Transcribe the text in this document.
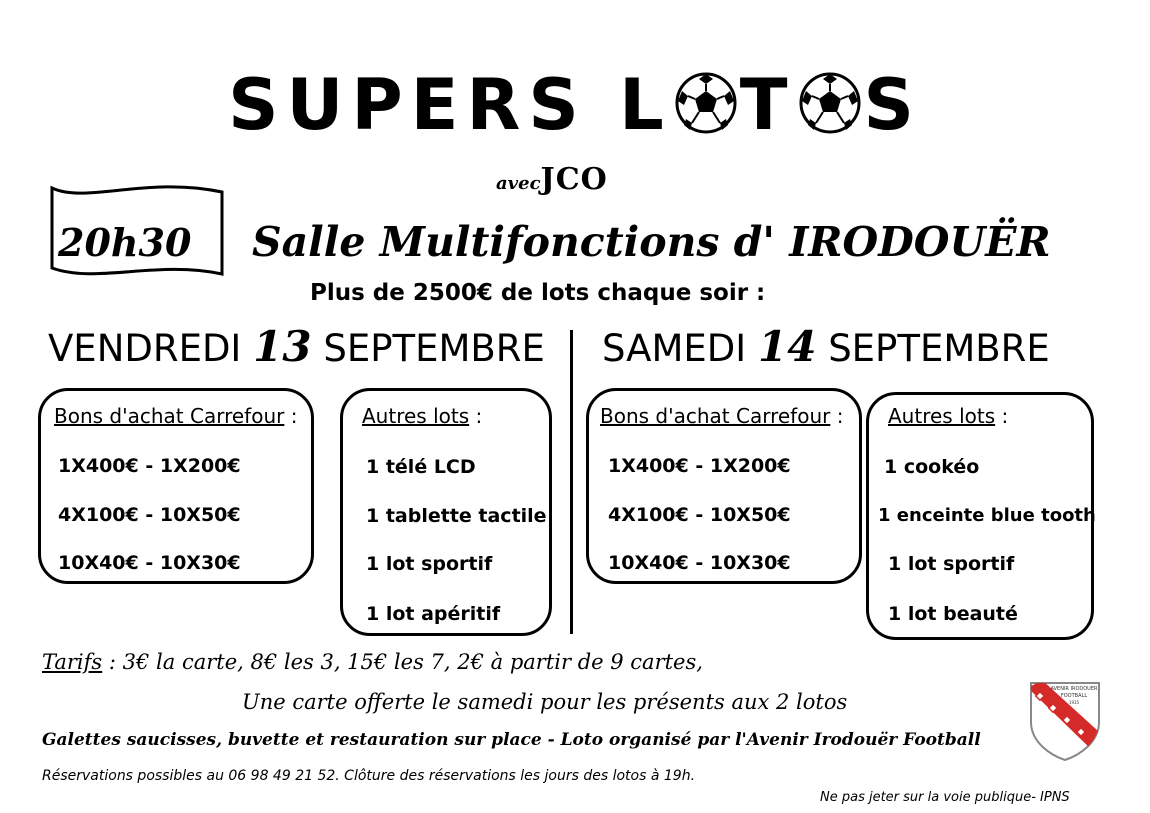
SUPERS L T S
avecJCO
20h30	Salle Multifonctions d' IRODOUËR
Plus de 2500€ de lots chaque soir :
VENDREDI 13 SEPTEMBRE SAMEDI 14 SEPTEMBRE
Bons d'achat Carrefour :
1X400€ - 1X200€
4X100€ - 10X50€
10X40€ - 10X30€
Autres lots :
1 télé LCD
1 tablette tactile
1 lot sportif
1 lot apéritif
Bons d'achat Carrefour :
1X400€ - 1X200€
4X100€ - 10X50€
10X40€ - 10X30€
Autres lots :
1 cookéo
1 enceinte blue tooth
1 lot sportif
1 lot beauté
Tarifs : 3€ la carte, 8€ les 3, 15€ les 7, 2€ à partir de 9 cartes,
Une carte offerte le samedi pour les présents aux 2 lotos
Galettes saucisses, buvette et restauration sur place - Loto organisé par l'Avenir Irodouër Football
Réservations possibles au 06 98 49 21 52. Clôture des réservations les jours des lotos à 19h.
Ne pas jeter sur la voie publique- IPNS
AVENIR IRODOUER
FOOTBALL
1935
